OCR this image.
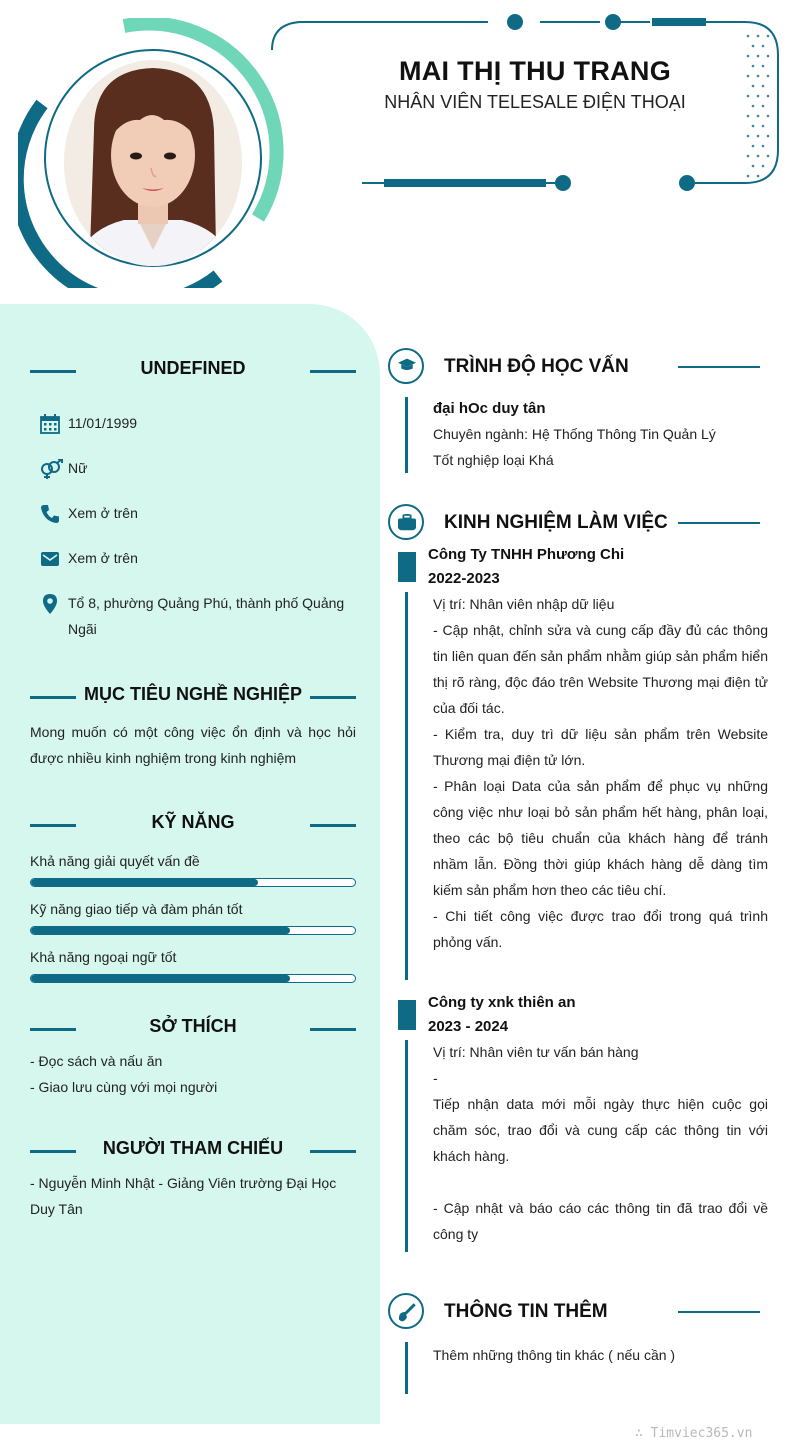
MAI THỊ THU TRANG
NHÂN VIÊN TELESALE ĐIỆN THOẠI
UNDEFINED
11/01/1999
Nữ
Xem ở trên
Xem ở trên
Tổ 8, phường Quảng Phú, thành phố Quảng Ngãi
MỤC TIÊU NGHỀ NGHIỆP
Mong muốn có một công việc ổn định và học hỏi được nhiều kinh nghiệm trong kinh nghiệm
KỸ NĂNG
Khả năng giải quyết vấn đề
Kỹ năng giao tiếp và đàm phán tốt
Khả năng ngoại ngữ tốt
SỞ THÍCH
- Đọc sách và nấu ăn
- Giao lưu cùng với mọi người
NGƯỜI THAM CHIẾU
- Nguyễn Minh Nhật - Giảng Viên trường Đại Học Duy Tân
TRÌNH ĐỘ HỌC VẤN
đại hOc duy tân
Chuyên ngành: Hệ Thống Thông Tin Quản Lý
Tốt nghiệp loại Khá
KINH NGHIỆM LÀM VIỆC
Công Ty TNHH Phương Chi
2022-2023
Vị trí: Nhân viên nhập dữ liệu
- Cập nhật, chỉnh sửa và cung cấp đầy đủ các thông tin liên quan đến sản phẩm nhằm giúp sản phẩm hiển thị rõ ràng, độc đáo trên Website Thương mại điện tử của đối tác.
- Kiểm tra, duy trì dữ liệu sản phẩm trên Website Thương mại điện tử lớn.
- Phân loại Data của sản phẩm để phục vụ những công việc như loại bỏ sản phẩm hết hàng, phân loại, theo các bộ tiêu chuẩn của khách hàng để tránh nhầm lẫn. Đồng thời giúp khách hàng dễ dàng tìm kiếm sản phẩm hơn theo các tiêu chí.
- Chi tiết công việc được trao đổi trong quá trình phỏng vấn.
Công ty xnk thiên an
2023 - 2024
Vị trí: Nhân viên tư vấn bán hàng
-
Tiếp nhận data mới mỗi ngày thực hiện cuộc gọi chăm sóc, trao đổi và cung cấp các thông tin với khách hàng.
- Cập nhật và báo cáo các thông tin đã trao đổi về công ty
THÔNG TIN THÊM
Thêm những thông tin khác ( nếu cần )
∴ Timviec365.vn
